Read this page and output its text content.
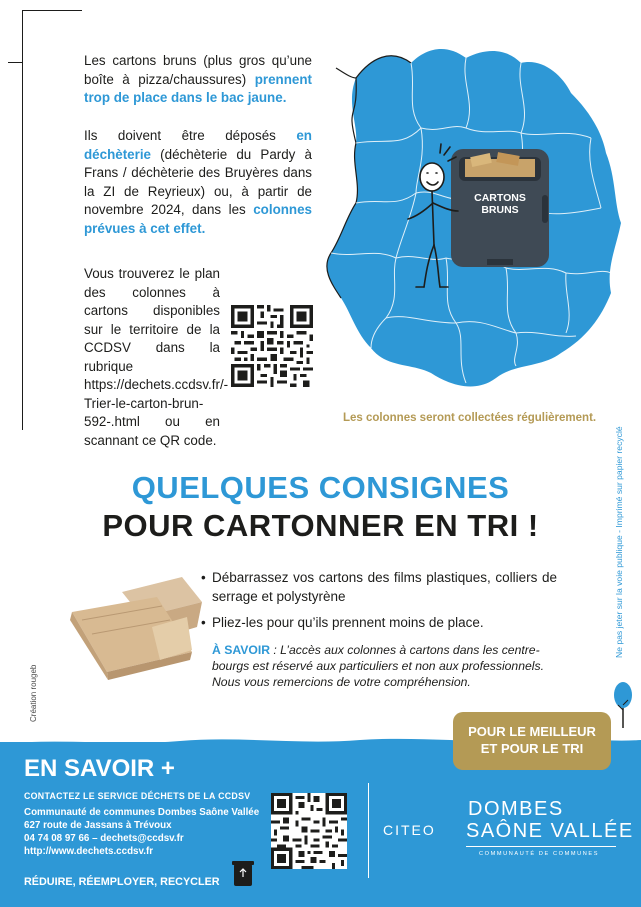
Les cartons bruns (plus gros qu’une boîte à pizza/chaussures) prennent trop de place dans le bac jaune.
Ils doivent être déposés en déchèterie (déchèterie du Pardy à Frans / déchèterie des Bruyères dans la ZI de Reyrieux) ou, à partir de novembre 2024, dans les colonnes prévues à cet effet.
Vous trouverez le plan des colonnes à cartons disponibles sur le territoire de la CCDSV dans la rubrique https://dechets.ccdsv.fr/-Trier-le-carton-brun-592-.html ou en scannant ce QR code.
CARTONS
BRUNS
Les colonnes seront collectées régulièrement.
Ne pas jeter sur la voie publique - Imprimé sur papier recyclé
Création rougeb
QUELQUES CONSIGNES
POUR CARTONNER EN TRI !
• Débarrassez vos cartons des films plastiques, colliers de serrage et polystyrène
• Pliez-les pour qu’ils prennent moins de place.
À SAVOIR : L’accès aux colonnes à cartons dans les centre-bourgs est réservé aux particuliers et non aux professionnels. Nous vous remercions de votre compréhension.
POUR LE MEILLEUR
ET POUR LE TRI
EN SAVOIR +
CONTACTEZ LE SERVICE DÉCHETS DE LA CCDSV
Communauté de communes Dombes Saône Vallée
627 route de Jassans à Trévoux
04 74 08 97 66 – dechets@ccdsv.fr
http://www.dechets.ccdsv.fr
RÉDUIRE, RÉEMPLOYER, RECYCLER
CITEO
DOMBES
SAÔNE VALLÉE
COMMUNAUTÉ DE COMMUNES
